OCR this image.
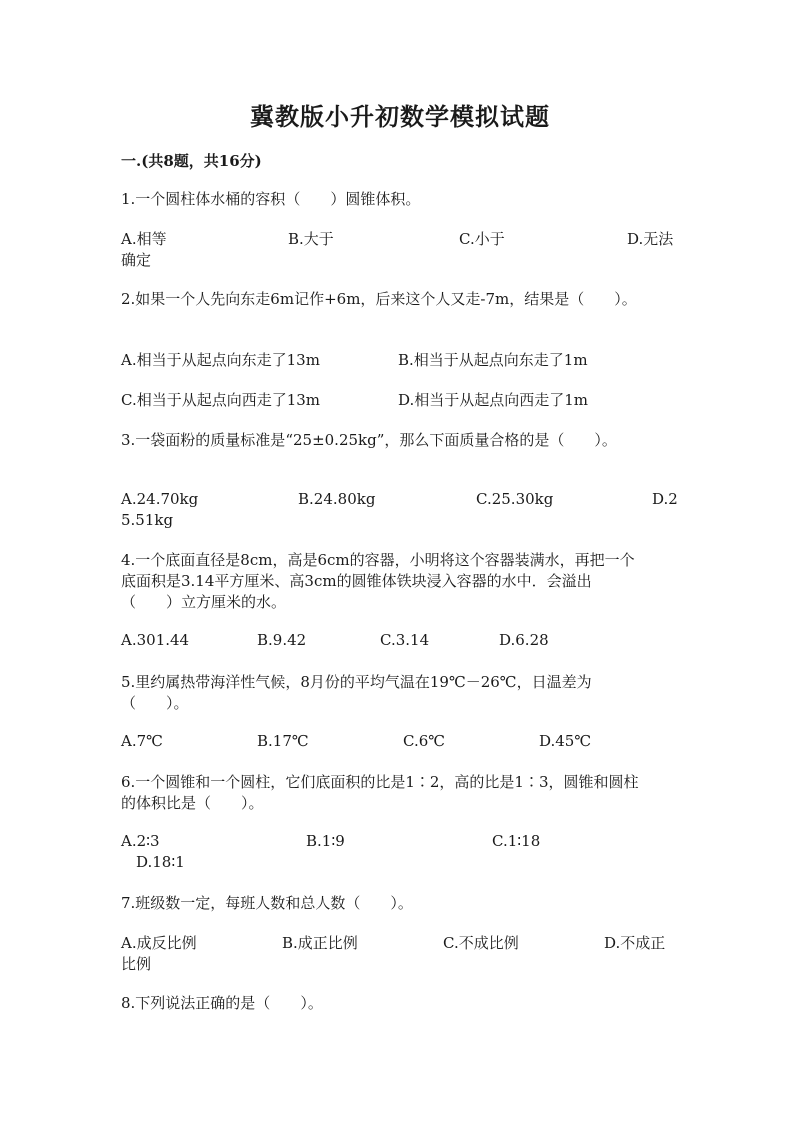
冀教版小升初数学模拟试题
一.(共8题，共16分)
1.一个圆柱体水桶的容积（　　）圆锥体积。
A.相等	B.大于	C.小于	D.无法
确定
2.如果一个人先向东走6m记作+6m，后来这个人又走-7m，结果是（　　）。
A.相当于从起点向东走了13m	B.相当于从起点向东走了1m
C.相当于从起点向西走了13m	D.相当于从起点向西走了1m
3.一袋面粉的质量标准是“25±0.25kg”，那么下面质量合格的是（　　）。
A.24.70kg	B.24.80kg	C.25.30kg	D.2
5.51kg
4.一个底面直径是8cm，高是6cm的容器，小明将这个容器装满水，再把一个
底面积是3.14平方厘米、高3cm的圆锥体铁块浸入容器的水中．会溢出
（　　）立方厘米的水。
A.301.44	B.9.42	C.3.14	D.6.28
5.里约属热带海洋性气候，8月份的平均气温在19℃－26℃，日温差为
（　　）。
A.7℃	B.17℃	C.6℃	D.45℃
6.一个圆锥和一个圆柱，它们底面积的比是1∶2，高的比是1∶3，圆锥和圆柱
的体积比是（　　）。
A.2∶3	B.1∶9	C.1∶18
D.18∶1
7.班级数一定，每班人数和总人数（　　）。
A.成反比例	B.成正比例	C.不成比例	D.不成正
比例
8.下列说法正确的是（　　）。
